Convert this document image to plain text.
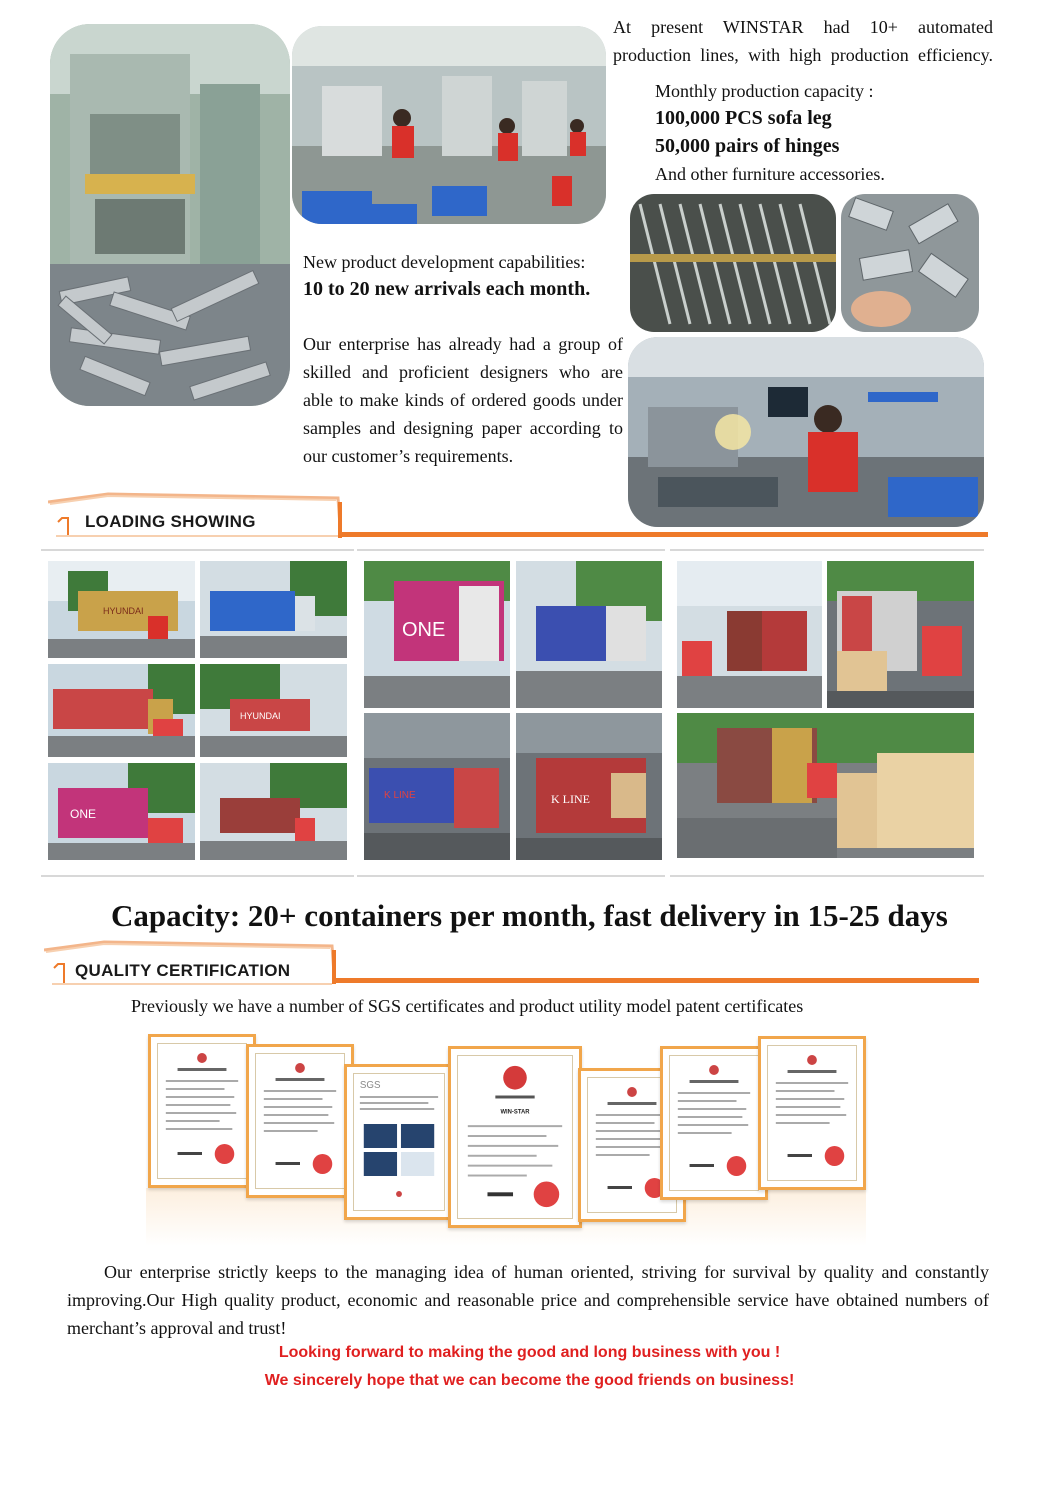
At present WINSTAR had 10+ automated production lines, with high production efficiency.
Monthly production capacity :
100,000 PCS sofa leg
50,000 pairs of hinges
And other furniture accessories.
New product development capabilities:
10 to 20 new arrivals each month.
Our enterprise has already had a group of skilled and proficient designers who are able to make kinds of ordered goods under samples and designing paper according to our customer’s requirements.
LOADING SHOWING
HYUNDAI
HYUNDAI
ONE
ONE
K LINE	K LINE
Capacity: 20+ containers per month, fast delivery in 15-25 days
QUALITY CERTIFICATION
Previously we have a number of SGS certificates and product utility model patent certificates
SGS
WIN-STAR
Our enterprise strictly keeps to the managing idea of human oriented, striving for survival by quality and constantly improving.Our High quality product, economic and reasonable price and comprehensible service have obtained numbers of merchant’s approval and trust!
Looking forward to making the good and long business with you !
We sincerely hope that we can become the good friends on business!
